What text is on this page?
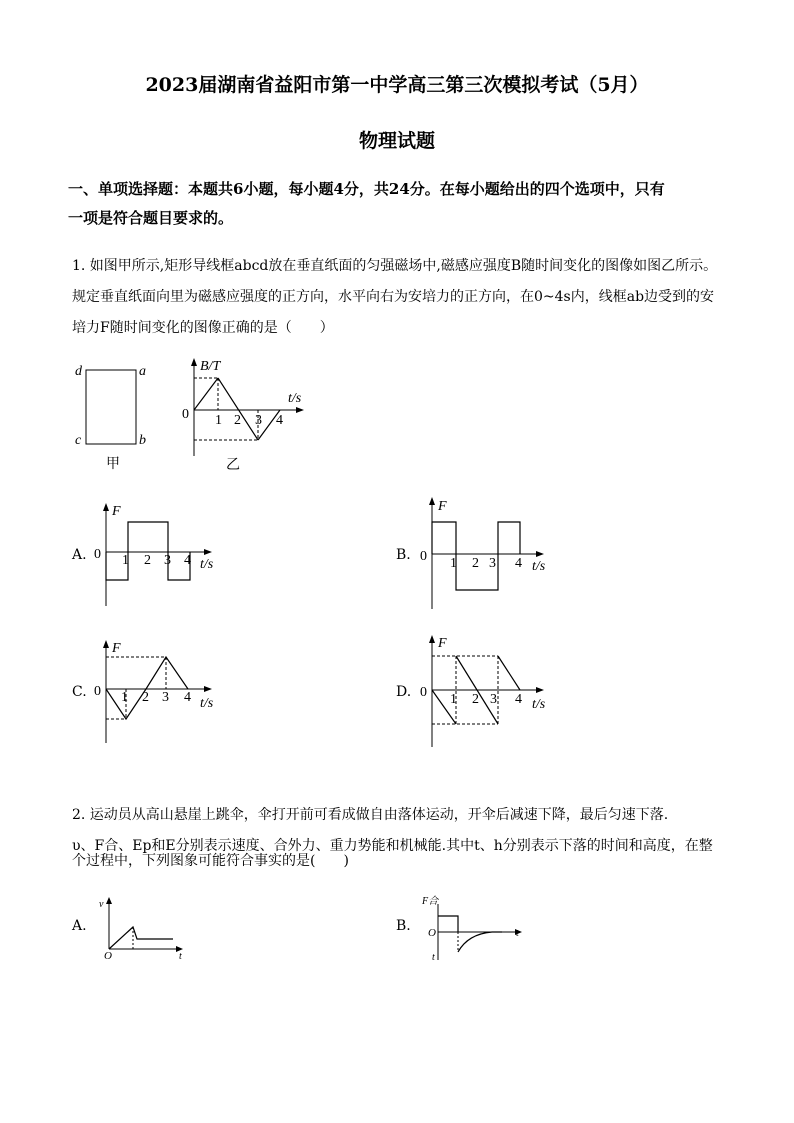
2023届湖南省益阳市第一中学高三第三次模拟考试（5月）
物理试题
一、单项选择题：本题共6小题，每小题4分，共24分。在每小题给出的四个选项中，只有
一项是符合题目要求的。
1. 如图甲所示,矩形导线框abcd放在垂直纸面的匀强磁场中,磁感应强度B随时间变化的图像如图乙所示。
规定垂直纸面向里为磁感应强度的正方向，水平向右为安培力的正方向，在0~4s内，线框ab边受到的安
培力F随时间变化的图像正确的是（　　）
d	a
c	b
甲
B/T
t/s
0 1 2 3 4
乙
A.
F
t/s
0 1 2 3 4	B.
F
t/s
0 1 2 3 4
C.
F
t/s
0 1 2 3 4	D.
F
t/s
0 1 2 3 4
2. 运动员从高山悬崖上跳伞，伞打开前可看成做自由落体运动，开伞后减速下降，最后匀速下落.
υ、F合、Ep和E分别表示速度、合外力、重力势能和机械能.其中t、h分别表示下落的时间和高度，在整
个过程中，下列图象可能符合事实的是(　　)
A.
v
t
O
B.
F合
t
O
t
